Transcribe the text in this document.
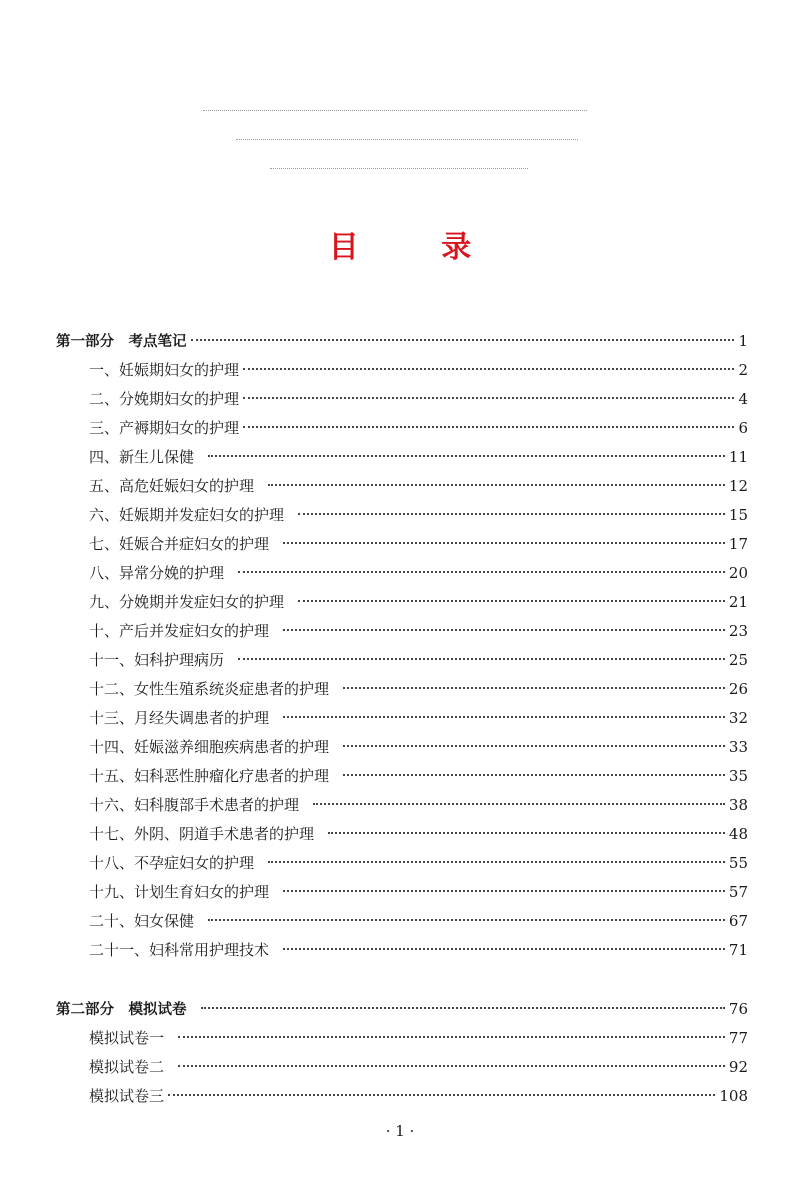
目 录
第一部分　考点笔记	1
一、妊娠期妇女的护理	2
二、分娩期妇女的护理	4
三、产褥期妇女的护理	6
四、新生儿保健	11
五、高危妊娠妇女的护理	12
六、妊娠期并发症妇女的护理	15
七、妊娠合并症妇女的护理	17
八、异常分娩的护理	20
九、分娩期并发症妇女的护理	21
十、产后并发症妇女的护理	23
十一、妇科护理病历	25
十二、女性生殖系统炎症患者的护理	26
十三、月经失调患者的护理	32
十四、妊娠滋养细胞疾病患者的护理	33
十五、妇科恶性肿瘤化疗患者的护理	35
十六、妇科腹部手术患者的护理	38
十七、外阴、阴道手术患者的护理	48
十八、不孕症妇女的护理	55
十九、计划生育妇女的护理	57
二十、妇女保健	67
二十一、妇科常用护理技术	71
第二部分　模拟试卷	76
模拟试卷一	77
模拟试卷二	92
模拟试卷三	108
· 1 ·
